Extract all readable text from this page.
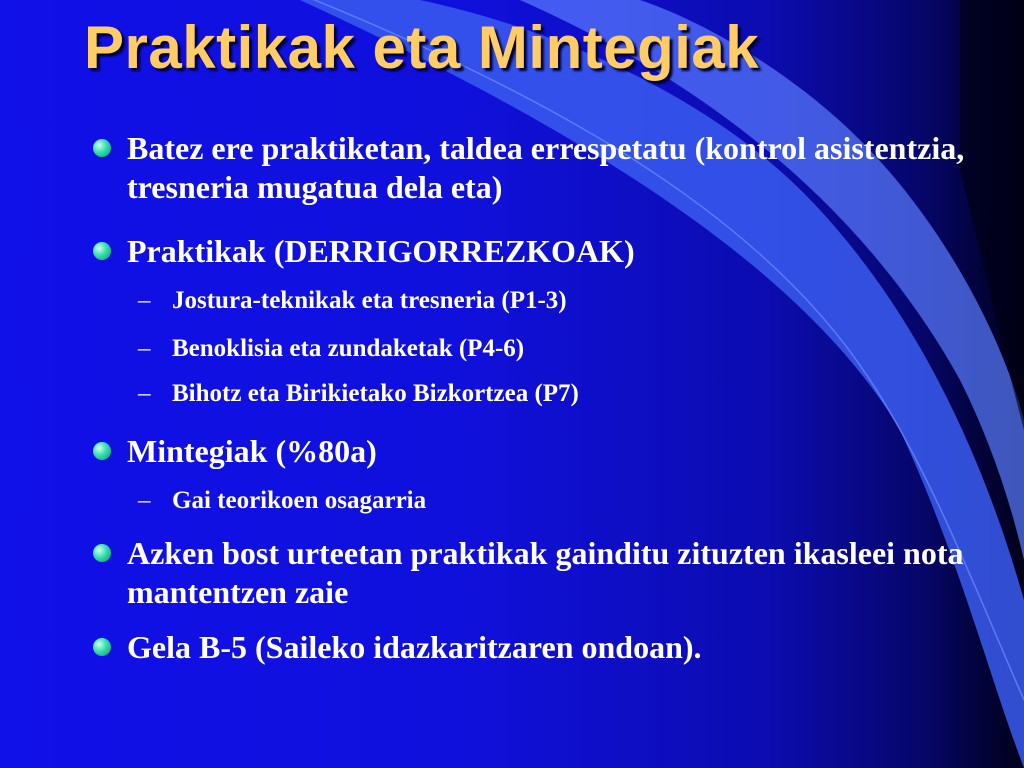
Praktikak eta Mintegiak
Batez ere praktiketan, taldea errespetatu (kontrol asistentzia, tresneria mugatua dela eta)
Praktikak (DERRIGORREZKOAK)
– Jostura-teknikak eta tresneria (P1-3)
– Benoklisia eta zundaketak (P4-6)
– Bihotz eta Birikietako Bizkortzea (P7)
Mintegiak (%80a)
– Gai teorikoen osagarria
Azken bost urteetan praktikak gainditu zituzten ikasleei nota mantentzen zaie
Gela B-5 (Saileko idazkaritzaren ondoan).
